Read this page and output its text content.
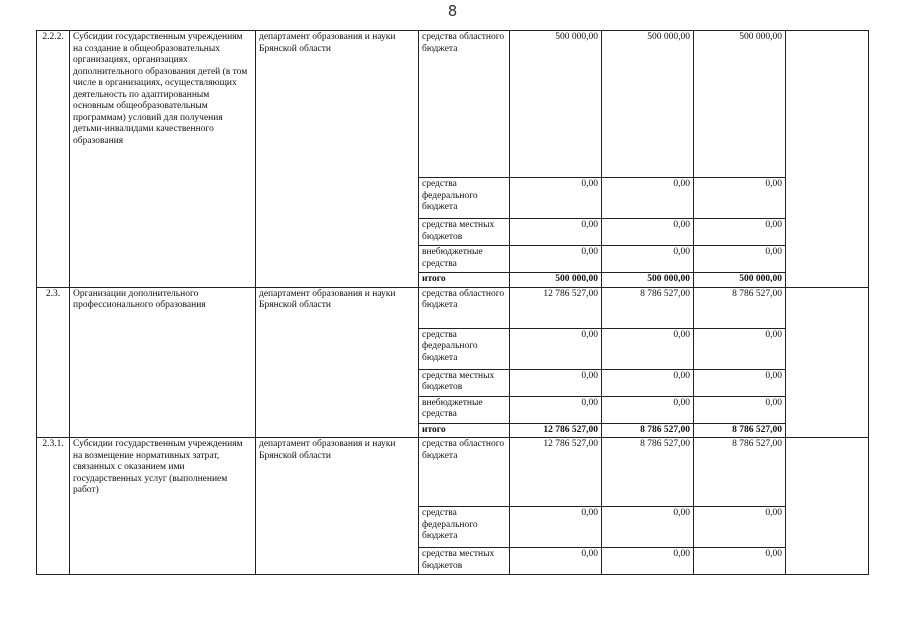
8
2.2.2.	Субсидии государственным учреждениям на создание в общеобразовательных организациях, организациях дополнительного образования детей (в том числе в организациях, осуществляющих деятельность по адаптированным основным общеобразовательным программам) условий для получения детьми-инвалидами качественного образования	департамент образования и науки Брянской области	средства областного бюджета	500 000,00	500 000,00	500 000,00	
			средства федерального бюджета	0,00	0,00	0,00	
			средства местных бюджетов	0,00	0,00	0,00	
			внебюджетные средства	0,00	0,00	0,00	
			итого	500 000,00	500 000,00	500 000,00	
2.3.	Организации дополнительного профессионального образования	департамент образования и науки Брянской области	средства областного бюджета	12 786 527,00	8 786 527,00	8 786 527,00	
			средства федерального бюджета	0,00	0,00	0,00	
			средства местных бюджетов	0,00	0,00	0,00	
			внебюджетные средства	0,00	0,00	0,00	
			итого	12 786 527,00	8 786 527,00	8 786 527,00	
2.3.1.	Субсидии государственным учреждениям на возмещение нормативных затрат, связанных с оказанием ими государственных услуг (выполнением работ)	департамент образования и науки Брянской области	средства областного бюджета	12 786 527,00	8 786 527,00	8 786 527,00	
			средства федерального бюджета	0,00	0,00	0,00	
			средства местных бюджетов	0,00	0,00	0,00	
